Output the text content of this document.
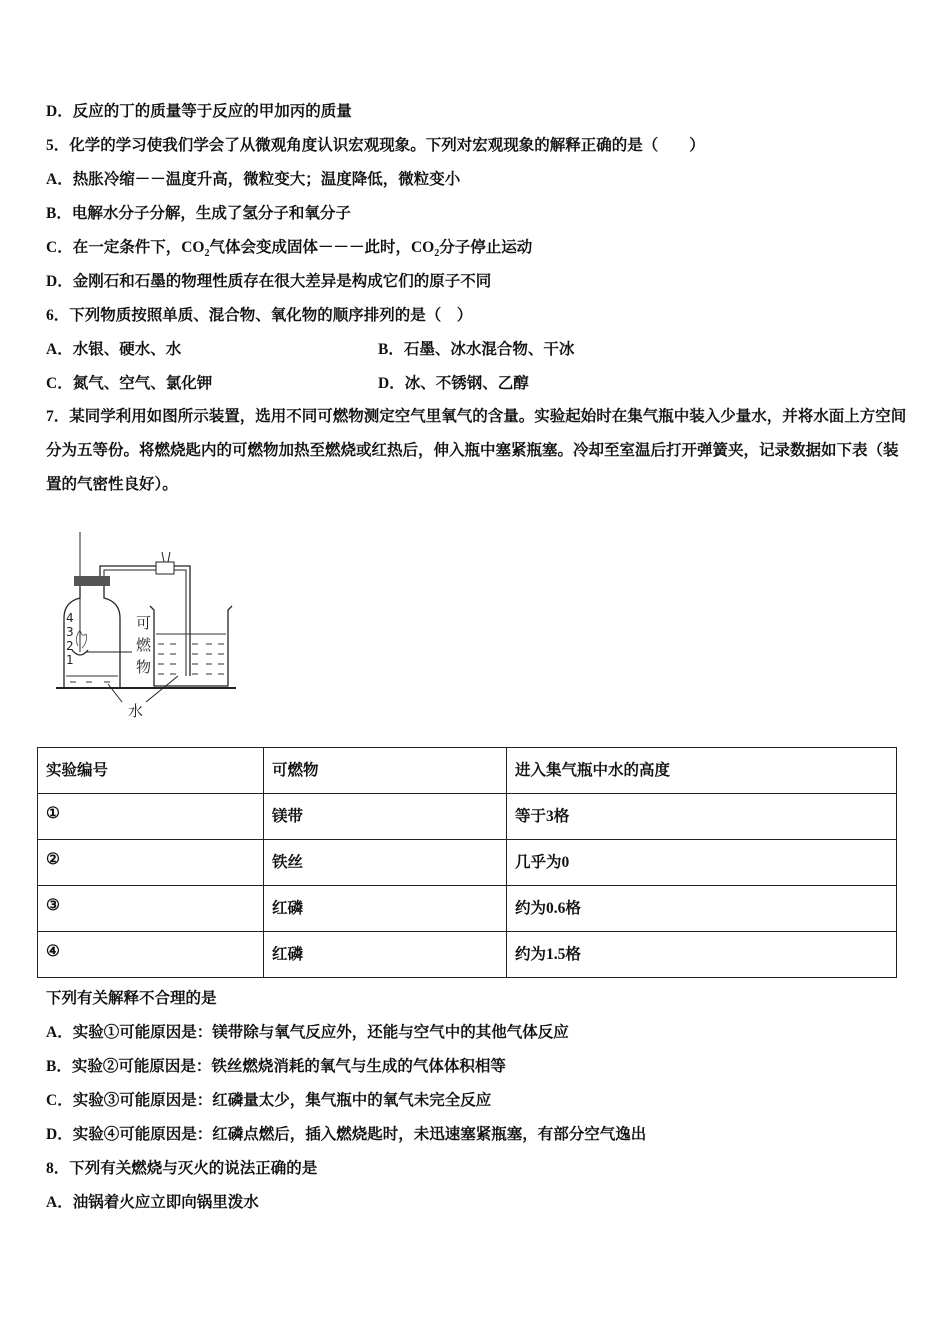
D．反应的丁的质量等于反应的甲加丙的质量
5．化学的学习使我们学会了从微观角度认识宏观现象。下列对宏观现象的解释正确的是（　　）
A．热胀冷缩－－温度升高，微粒变大；温度降低，微粒变小
B．电解水分子分解，生成了氢分子和氧分子
C．在一定条件下，$CO_2$气体会变成固体－－－此时，$CO_2$分子停止运动
D．金刚石和石墨的物理性质存在很大差异是构成它们的原子不同
6．下列物质按照单质、混合物、氧化物的顺序排列的是（　）
A．水银、硬水、水	B．石墨、冰水混合物、干冰
C．氮气、空气、氯化钾	D．冰、不锈钢、乙醇
7．某同学利用如图所示装置，选用不同可燃物测定空气里氧气的含量。实验起始时在集气瓶中装入少量水，并将水面上方空间分为五等份。将燃烧匙内的可燃物加热至燃烧或红热后，伸入瓶中塞紧瓶塞。冷却至室温后打开弹簧夹，记录数据如下表（装置的气密性良好）。
4
3
2
1
可
燃
物
水
实验编号	可燃物	进入集气瓶中水的高度
①	镁带	等于3格
②	铁丝	几乎为0
③	红磷	约为0.6格
④	红磷	约为1.5格
下列有关解释不合理的是
A．实验①可能原因是：镁带除与氧气反应外，还能与空气中的其他气体反应
B．实验②可能原因是：铁丝燃烧消耗的氧气与生成的气体体积相等
C．实验③可能原因是：红磷量太少，集气瓶中的氧气未完全反应
D．实验④可能原因是：红磷点燃后，插入燃烧匙时，未迅速塞紧瓶塞，有部分空气逸出
8．下列有关燃烧与灭火的说法正确的是
A．油锅着火应立即向锅里泼水
